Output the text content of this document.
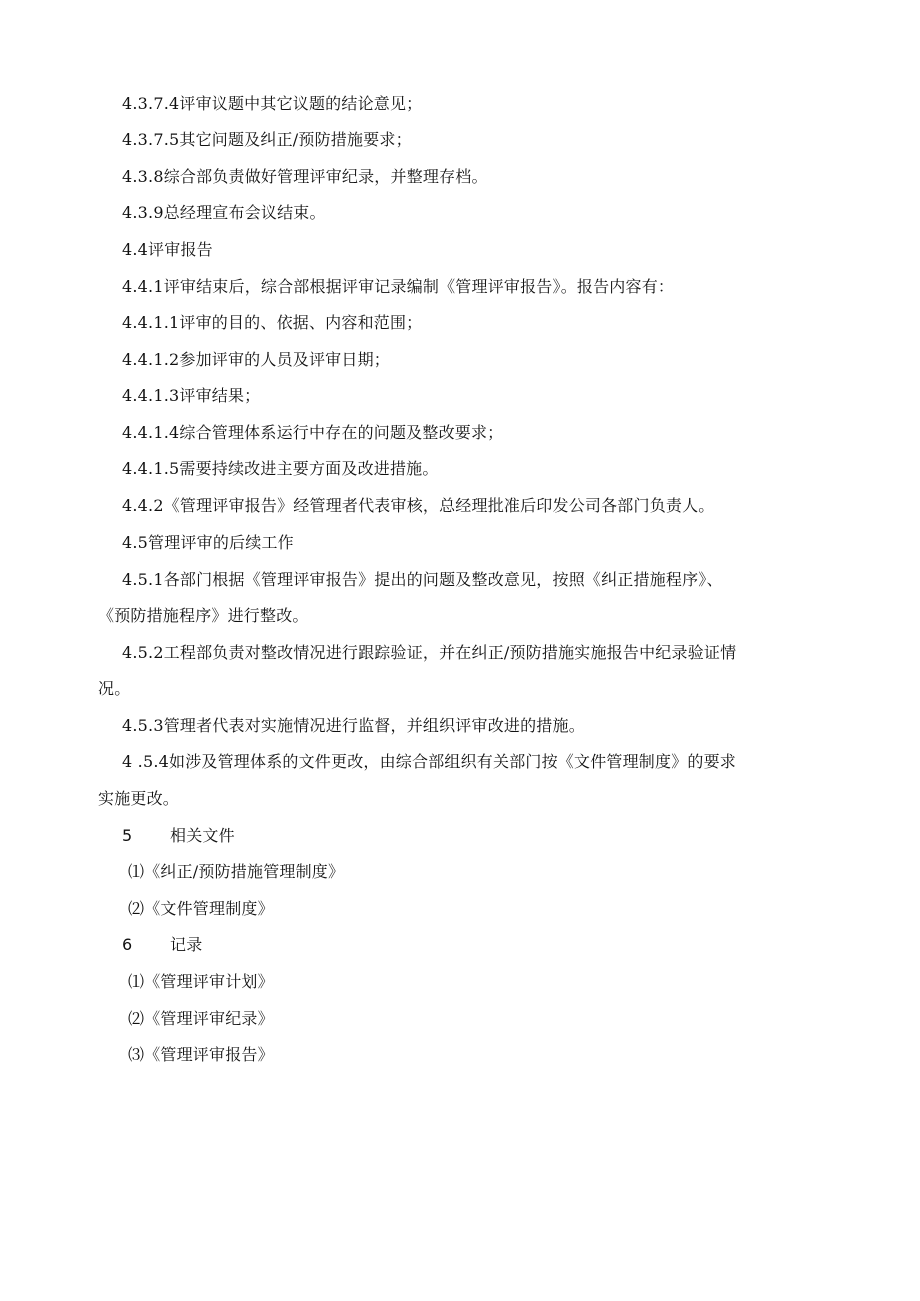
4.3.7.4评审议题中其它议题的结论意见；
4.3.7.5其它问题及纠正/预防措施要求；
4.3.8综合部负责做好管理评审纪录，并整理存档。
4.3.9总经理宣布会议结束。
4.4评审报告
4.4.1评审结束后，综合部根据评审记录编制《管理评审报告》。报告内容有：
4.4.1.1评审的目的、依据、内容和范围；
4.4.1.2参加评审的人员及评审日期；
4.4.1.3评审结果；
4.4.1.4综合管理体系运行中存在的问题及整改要求；
4.4.1.5需要持续改进主要方面及改进措施。
4.4.2《管理评审报告》经管理者代表审核，总经理批准后印发公司各部门负责人。
4.5管理评审的后续工作
4.5.1各部门根据《管理评审报告》提出的问题及整改意见，按照《纠正措施程序》、
《预防措施程序》进行整改。
4.5.2工程部负责对整改情况进行跟踪验证，并在纠正/预防措施实施报告中纪录验证情
况。
4.5.3管理者代表对实施情况进行监督，并组织评审改进的措施。
4 .5.4如涉及管理体系的文件更改，由综合部组织有关部门按《文件管理制度》的要求
实施更改。
5 相关文件
⑴《纠正/预防措施管理制度》
⑵《文件管理制度》
6 记录
⑴《管理评审计划》
⑵《管理评审纪录》
⑶《管理评审报告》
